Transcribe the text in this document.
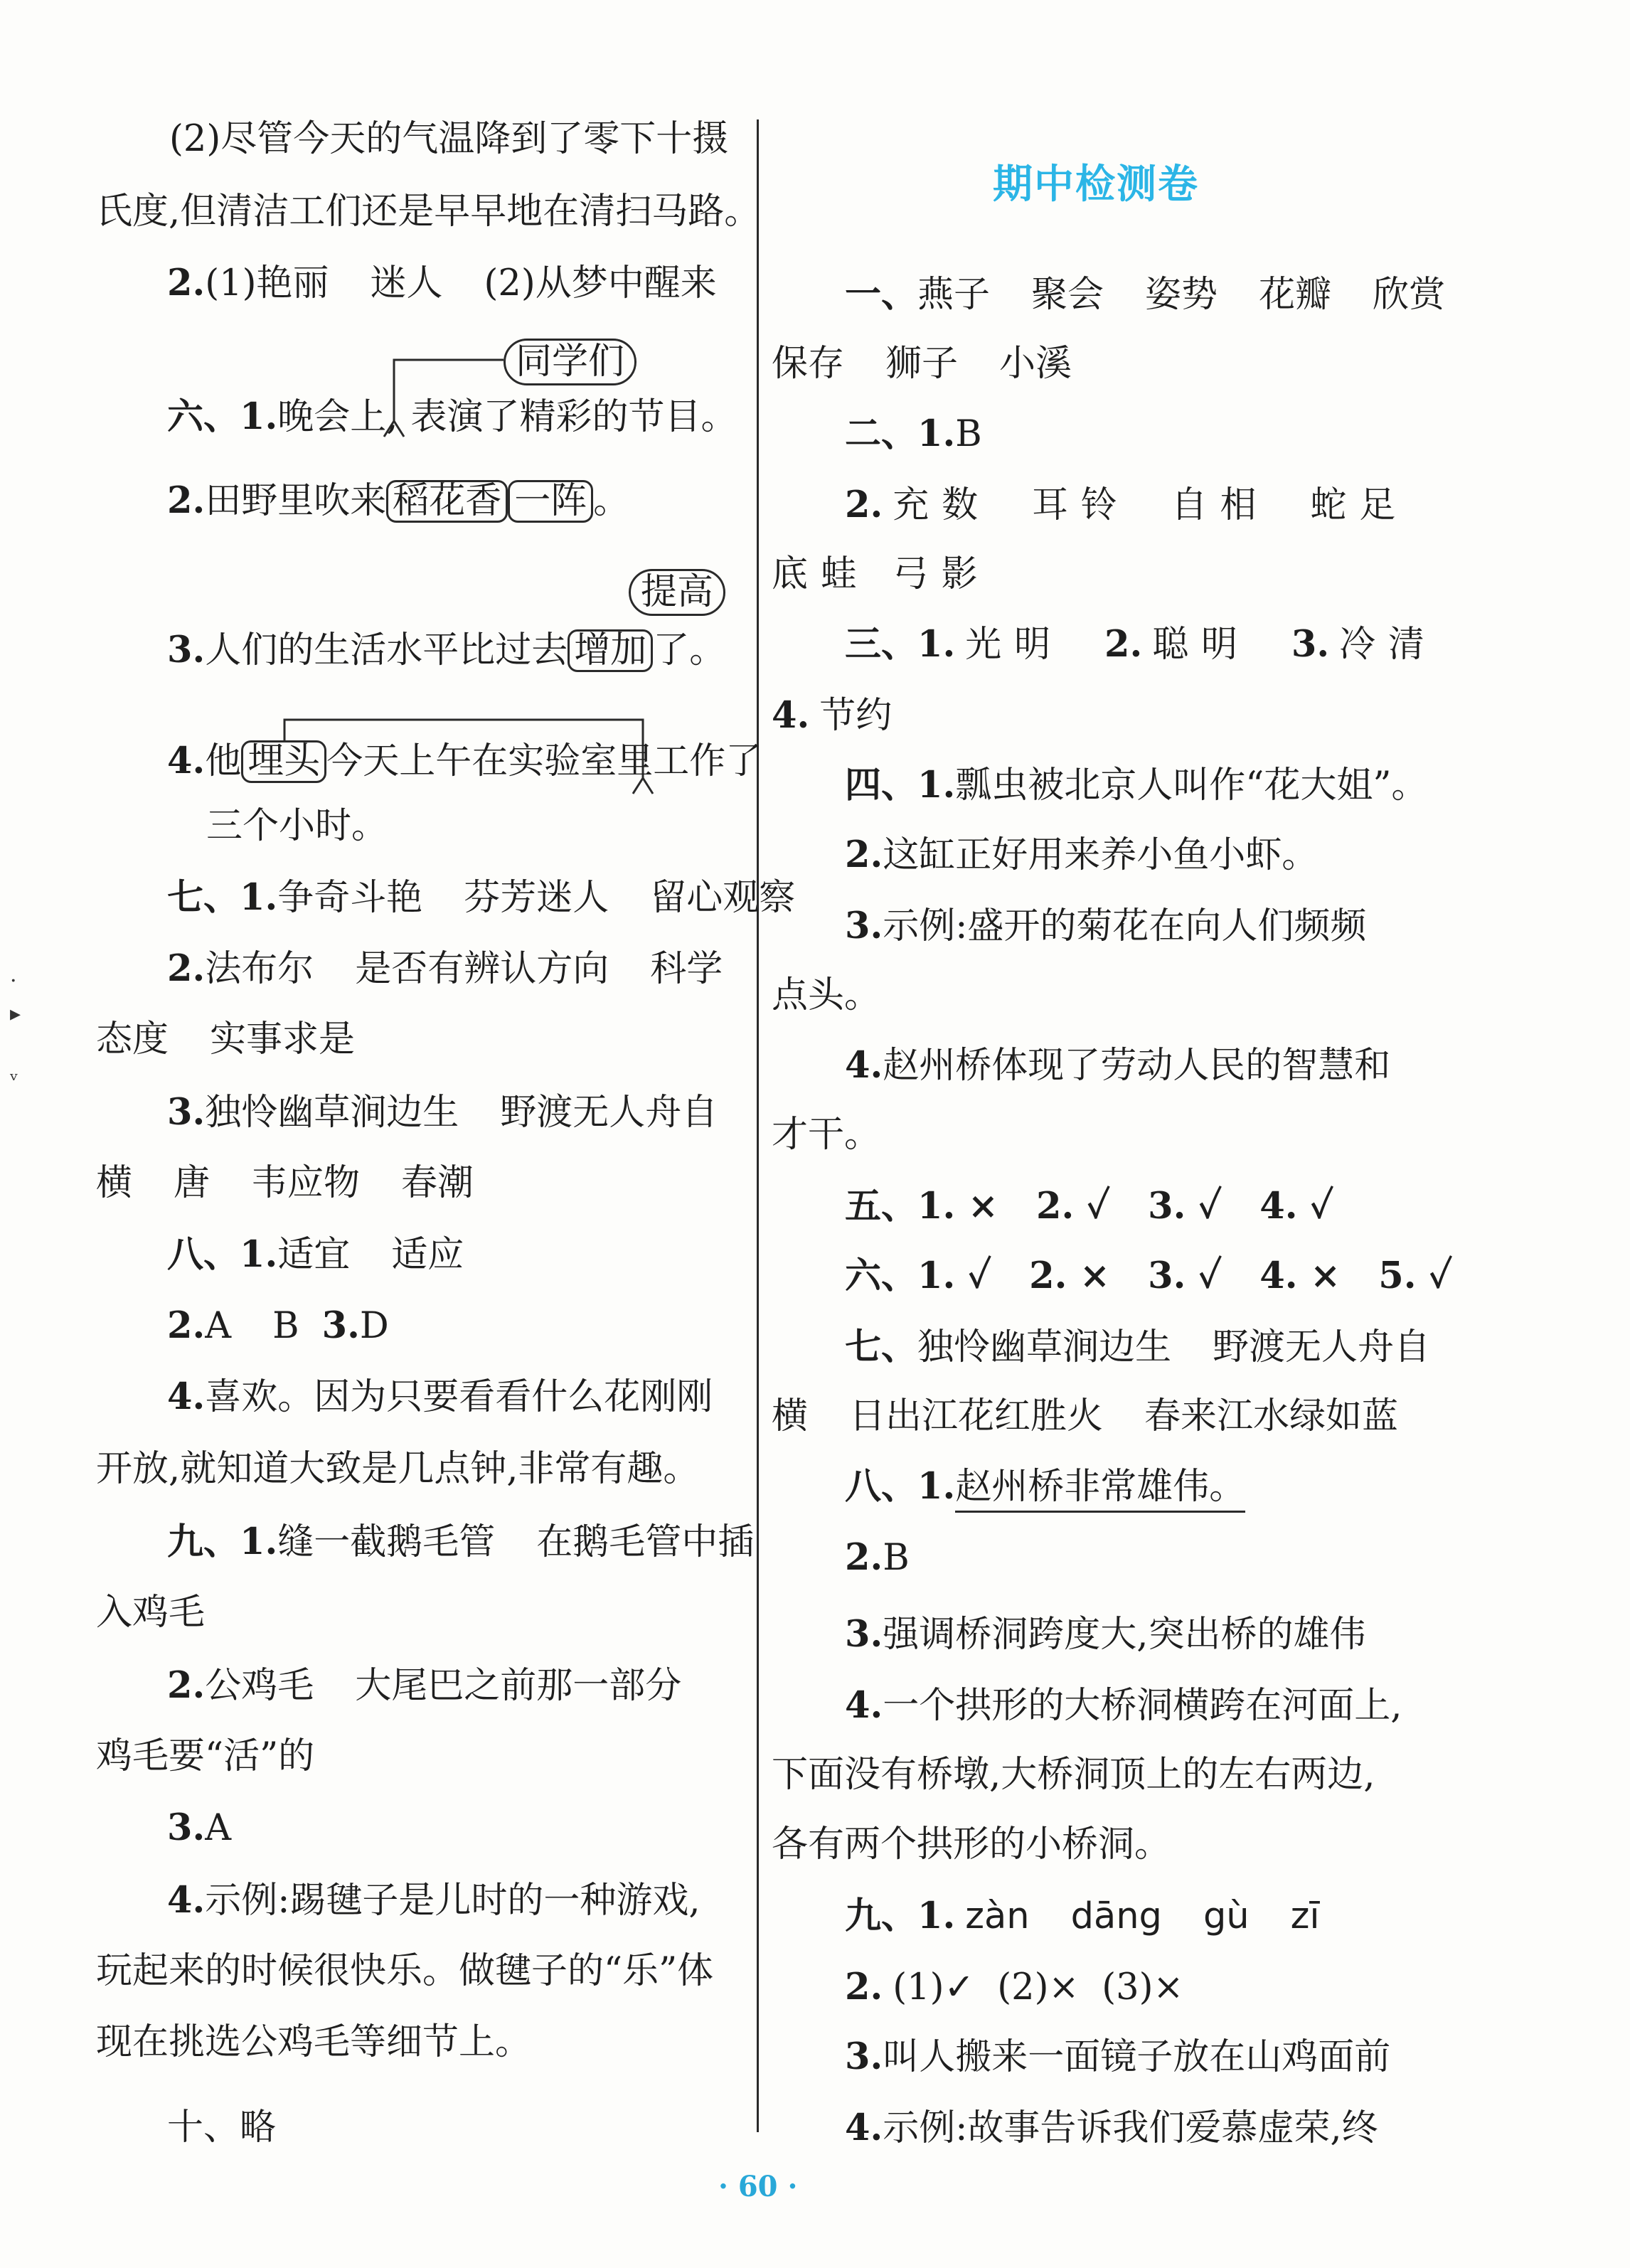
(2)尽管今天的气温降到了零下十摄
氏度,但清洁工们还是早早地在清扫马路。
2.(1)艳丽 迷人 (2)从梦中醒来
同学们
六、1.晚会上, 表演了精彩的节目。
2.田野里吹来 稻花香 一阵 。
提高
3.人们的生活水平比过去 增加 了。
4.他 埋头 今天上午在实验室里工作了
三个小时。
七、1.争奇斗艳 芬芳迷人 留心观察
2.法布尔 是否有辨认方向 科学
态度 实事求是
3.独怜幽草涧边生 野渡无人舟自
横 唐 韦应物 春潮
八、1.适宜 适应
2.A B 3.D
4.喜欢。因为只要看看什么花刚刚
开放,就知道大致是几点钟,非常有趣。
九、1.缝一截鹅毛管 在鹅毛管中插
入鸡毛
2.公鸡毛 大尾巴之前那一部分
鸡毛要“活”的
3.A
4.示例:踢毽子是儿时的一种游戏,
玩起来的时候很快乐。做毽子的“乐”体
现在挑选公鸡毛等细节上。
十、略
期中检测卷
一、燕子 聚会 姿势 花瓣 欣赏
保存 狮子 小溪
二、1.B
2. 充数 耳铃 自相 蛇足
底蛙 弓影
三、1. 光明 2. 聪明 3. 冷清
4. 节约
四、1.瓢虫被北京人叫作“花大姐”。
2.这缸正好用来养小鱼小虾。
3.示例:盛开的菊花在向人们频频
点头。
4.赵州桥体现了劳动人民的智慧和
才干。
五、1. ×   2. ✓   3. ✓   4. ✓
六、1. ✓   2. ×   3. ✓   4. ×   5. ✓
七、独怜幽草涧边生 野渡无人舟自
横 日出江花红胜火 春来江水绿如蓝
八、1.赵州桥非常雄伟。
2.B
3.强调桥洞跨度大,突出桥的雄伟
4.一个拱形的大桥洞横跨在河面上,
下面没有桥墩,大桥洞顶上的左右两边,
各有两个拱形的小桥洞。
九、1. zàn dāng gù zī
2. (1)✓ (2)× (3)×
3.叫人搬来一面镜子放在山鸡面前
4.示例:故事告诉我们爱慕虚荣,终
·
▸
ᵥ
· 60 ·
